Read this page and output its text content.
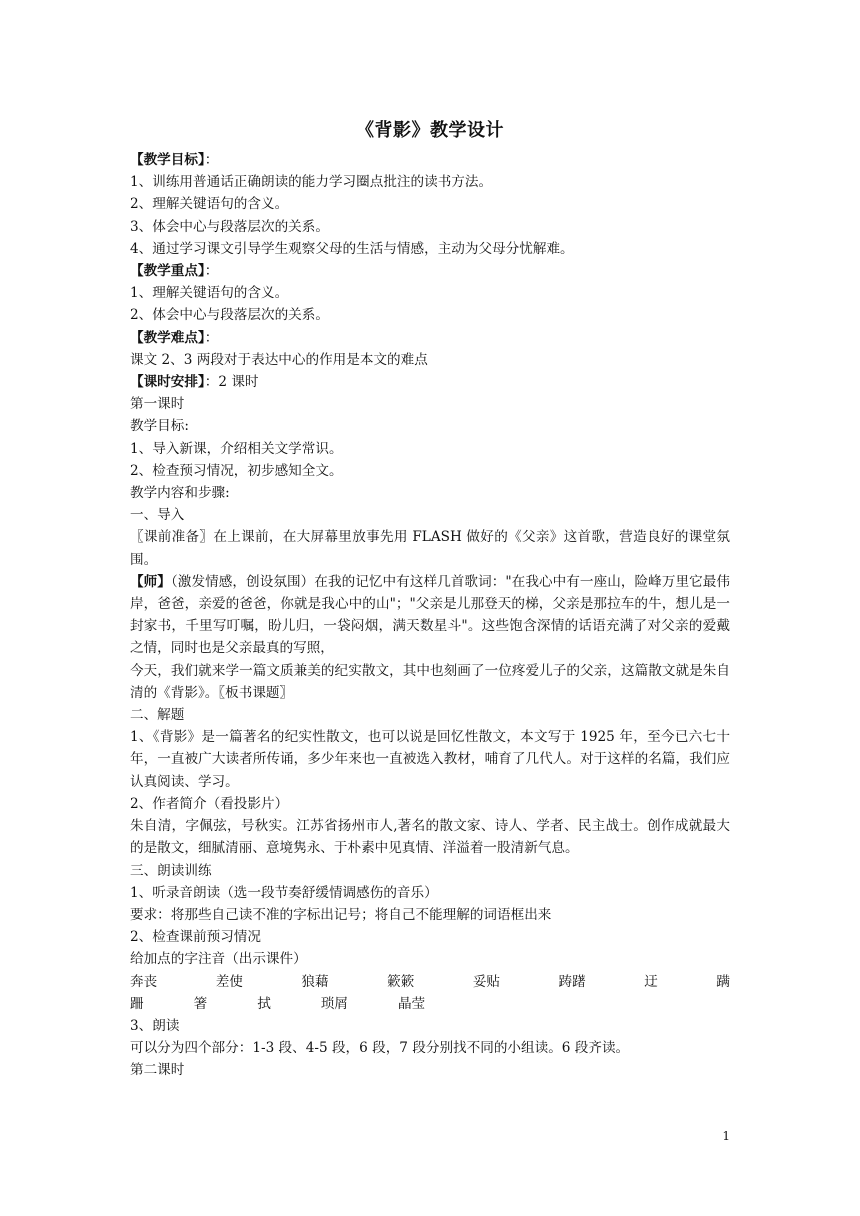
《背影》教学设计

【教学目标】：

1、训练用普通话正确朗读的能力学习圈点批注的读书方法。

2、理解关键语句的含义。

3、体会中心与段落层次的关系。

4、通过学习课文引导学生观察父母的生活与情感，主动为父母分忧解难。

【教学重点】：

1、理解关键语句的含义。

2、体会中心与段落层次的关系。

【教学难点】：

课文 2、3 两段对于表达中心的作用是本文的难点

【课时安排】：2 课时

第一课时

教学目标:

1、导入新课，介绍相关文学常识。

2、检查预习情况，初步感知全文。

教学内容和步骤:

一、导入

〖课前准备〗在上课前，在大屏幕里放事先用 FLASH 做好的《父亲》这首歌，营造良好的课堂氛围。

【师】（激发情感，创设氛围）在我的记忆中有这样几首歌词："在我心中有一座山，险峰万里它最伟岸，爸爸，亲爱的爸爸，你就是我心中的山"；"父亲是儿那登天的梯，父亲是那拉车的牛，想儿是一封家书，千里写叮嘱，盼儿归，一袋闷烟，满天数星斗"。这些饱含深情的话语充满了对父亲的爱戴之情，同时也是父亲最真的写照，

今天，我们就来学一篇文质兼美的纪实散文，其中也刻画了一位疼爱儿子的父亲，这篇散文就是朱自清的《背影》。〖板书课题〗

二、解题

1、《背影》是一篇著名的纪实性散文，也可以说是回忆性散文，本文写于 1925 年，至今已六七十年，一直被广大读者所传诵，多少年来也一直被选入教材，哺育了几代人。对于这样的名篇，我们应认真阅读、学习。

2、作者简介（看投影片）

朱自清，字佩弦，号秋实。江苏省扬州市人,著名的散文家、诗人、学者、民主战士。创作成就最大的是散文，细腻清丽、意境隽永、于朴素中见真情、洋溢着一股清新气息。

三、朗读训练

1、听录音朗读（选一段节奏舒缓情调感伤的音乐）

要求：将那些自己读不准的字标出记号；将自己不能理解的词语框出来

2、检查课前预习情况

给加点的字注音（出示课件）

奔丧	差使	狼藉	簌簌	妥贴	踌躇	迂	蹒
跚	箸	拭	琐屑	晶莹

3、朗读

可以分为四个部分：1-3 段、4-5 段，6 段，7 段分别找不同的小组读。6 段齐读。

第二课时

1
